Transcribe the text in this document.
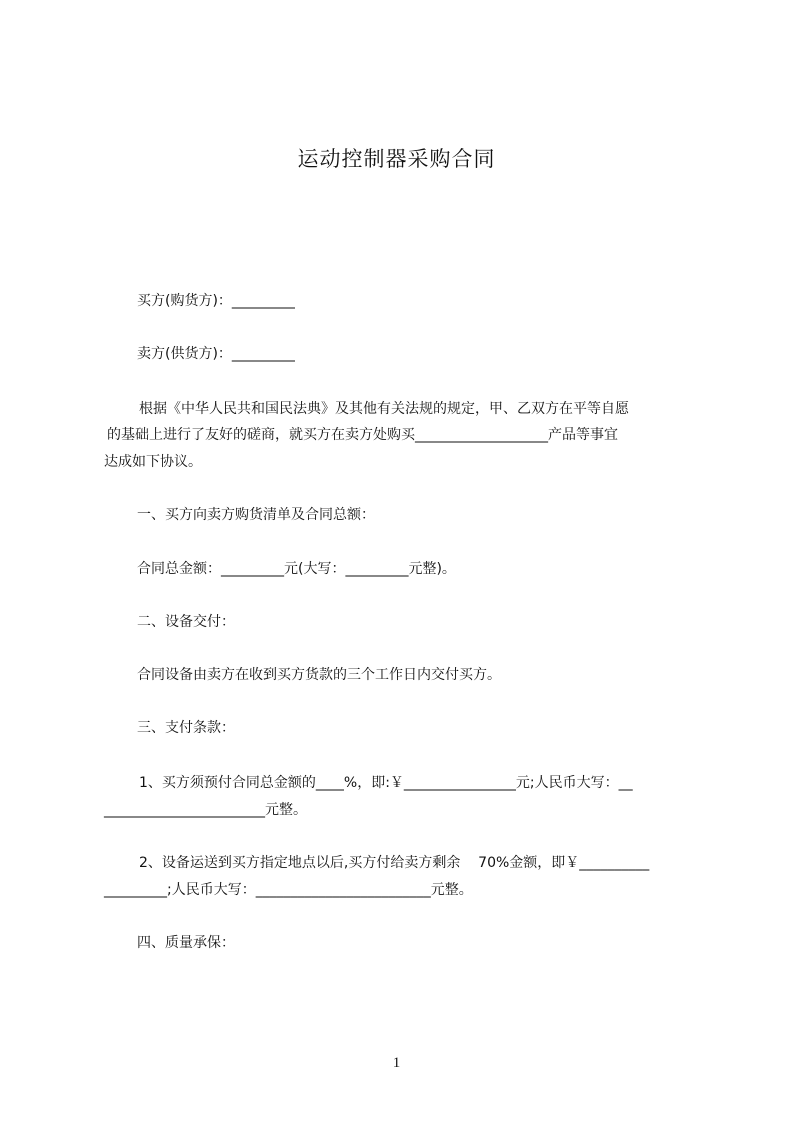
运动控制器采购合同
买方(购货方)：_________
卖方(供货方)：_________
根据《中华人民共和国民法典》及其他有关法规的规定，甲、乙双方在平等自愿
的基础上进行了友好的磋商，就买方在卖方处购买___________________产品等事宜
达成如下协议。
一、买方向卖方购货清单及合同总额：
合同总金额：_________元(大写：_________元整)。
二、设备交付：
合同设备由卖方在收到买方货款的三个工作日内交付买方。
三、支付条款：
1、买方须预付合同总金额的____%，即:￥________________元;人民币大写：__
_______________________元整。
2、设备运送到买方指定地点以后,买方付给卖方剩余    70%金额，即￥__________
_________;人民币大写：_________________________元整。
四、质量承保：
1
